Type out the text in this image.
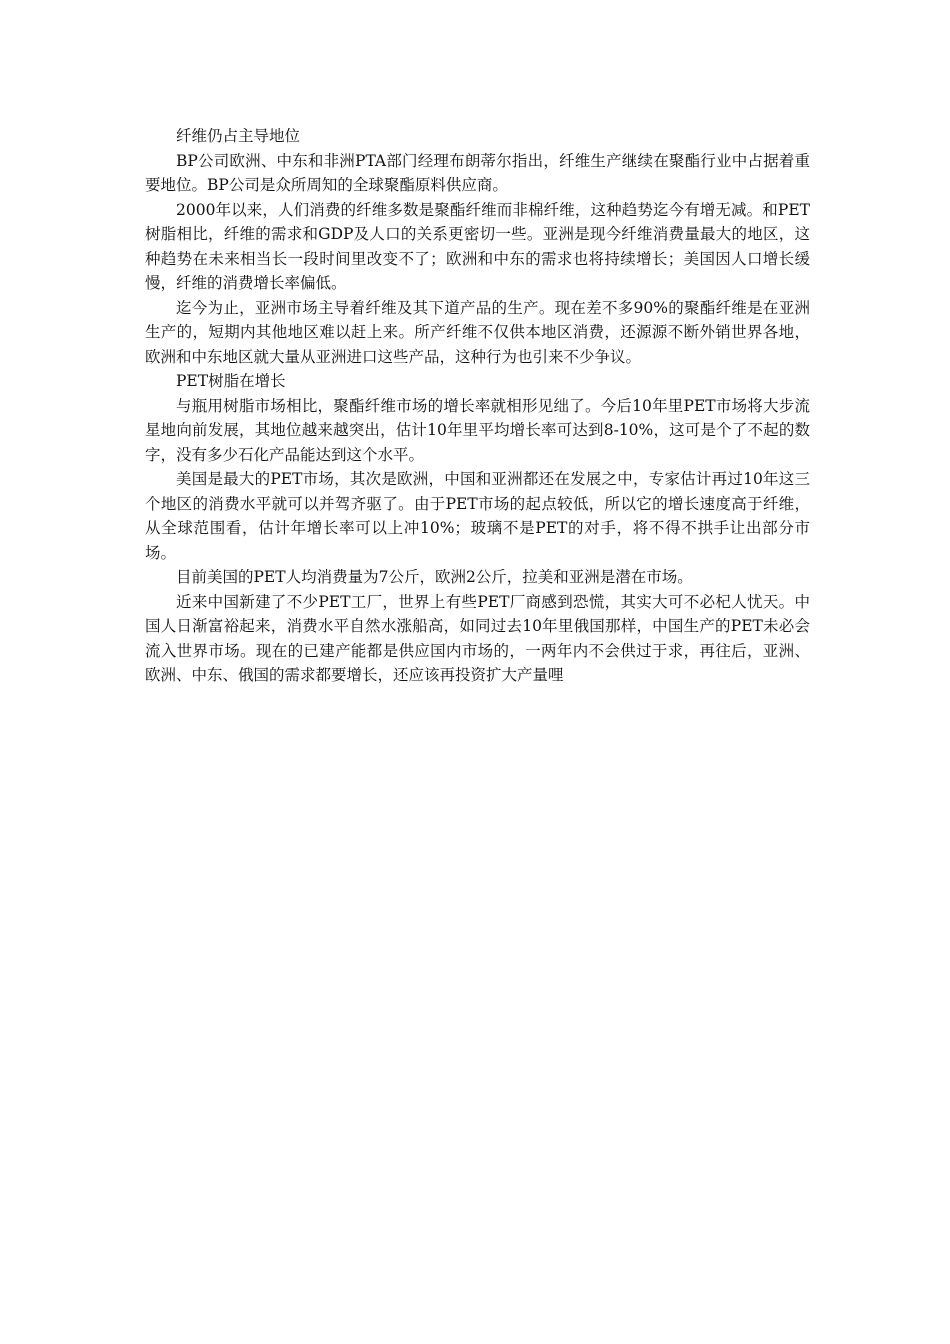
纤维仍占主导地位

BP公司欧洲、中东和非洲PTA部门经理布朗蒂尔指出，纤维生产继续在聚酯行业中占据着重要地位。BP公司是众所周知的全球聚酯原料供应商。

2000年以来，人们消费的纤维多数是聚酯纤维而非棉纤维，这种趋势迄今有增无减。和PET树脂相比，纤维的需求和GDP及人口的关系更密切一些。亚洲是现今纤维消费量最大的地区，这种趋势在未来相当长一段时间里改变不了；欧洲和中东的需求也将持续增长；美国因人口增长缓慢，纤维的消费增长率偏低。

迄今为止，亚洲市场主导着纤维及其下道产品的生产。现在差不多90%的聚酯纤维是在亚洲生产的，短期内其他地区难以赶上来。所产纤维不仅供本地区消费，还源源不断外销世界各地，欧洲和中东地区就大量从亚洲进口这些产品，这种行为也引来不少争议。

PET树脂在增长

与瓶用树脂市场相比，聚酯纤维市场的增长率就相形见绌了。今后10年里PET市场将大步流星地向前发展，其地位越来越突出，估计10年里平均增长率可达到8-10%，这可是个了不起的数字，没有多少石化产品能达到这个水平。

美国是最大的PET市场，其次是欧洲，中国和亚洲都还在发展之中，专家估计再过10年这三个地区的消费水平就可以并驾齐驱了。由于PET市场的起点较低，所以它的增长速度高于纤维，从全球范围看，估计年增长率可以上冲10%；玻璃不是PET的对手，将不得不拱手让出部分市场。

目前美国的PET人均消费量为7公斤，欧洲2公斤，拉美和亚洲是潜在市场。

近来中国新建了不少PET工厂，世界上有些PET厂商感到恐慌，其实大可不必杞人忧天。中国人日渐富裕起来，消费水平自然水涨船高，如同过去10年里俄国那样，中国生产的PET未必会流入世界市场。现在的已建产能都是供应国内市场的，一两年内不会供过于求，再往后，亚洲、欧洲、中东、俄国的需求都要增长，还应该再投资扩大产量哩
